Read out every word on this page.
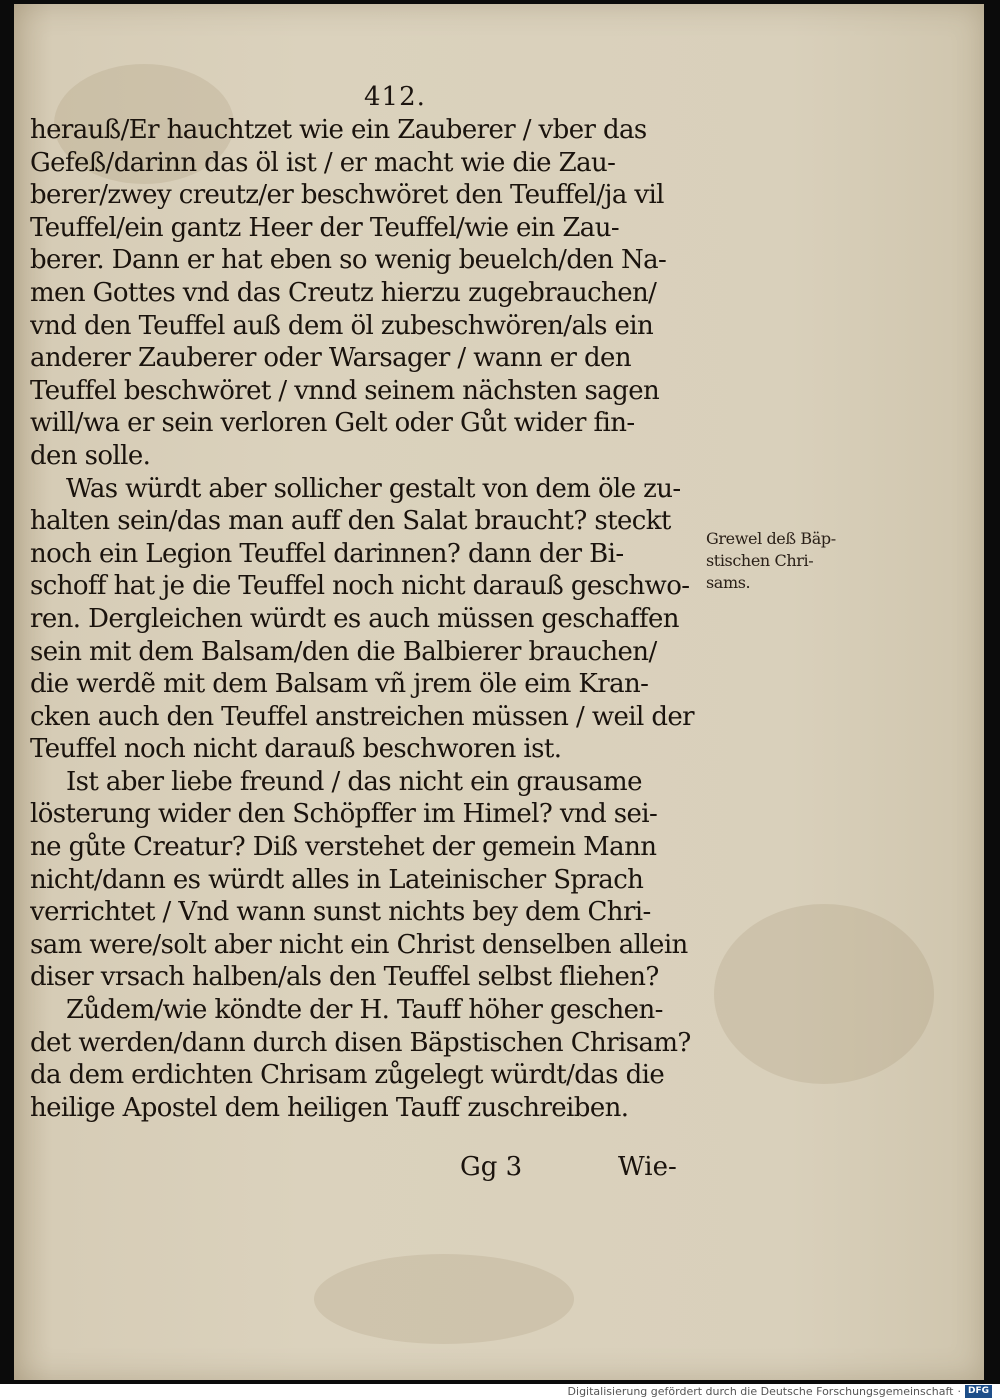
412.
herauß/Er hauchtzet wie ein Zauberer / vber das
Gefeß/darinn das öl ist / er macht wie die Zau-
berer/zwey creutz/er beschwöret den Teuffel/ja vil
Teuffel/ein gantz Heer der Teuffel/wie ein Zau-
berer. Dann er hat eben so wenig beuelch/den Na-
men Gottes vnd das Creutz hierzu zugebrauchen/
vnd den Teuffel auß dem öl zubeschwören/als ein
anderer Zauberer oder Warsager / wann er den
Teuffel beschwöret / vnnd seinem nächsten sagen
will/wa er sein verloren Gelt oder Gůt wider fin-
den solle.
Was würdt aber sollicher gestalt von dem öle zu-
halten sein/das man auff den Salat braucht? steckt
noch ein Legion Teuffel darinnen? dann der Bi-
schoff hat je die Teuffel noch nicht darauß geschwo-
ren. Dergleichen würdt es auch müssen geschaffen
sein mit dem Balsam/den die Balbierer brauchen/
die werdẽ mit dem Balsam vñ jrem öle eim Kran-
cken auch den Teuffel anstreichen müssen / weil der
Teuffel noch nicht darauß beschworen ist.
Ist aber liebe freund / das nicht ein grausame
lösterung wider den Schöpffer im Himel? vnd sei-
ne gůte Creatur? Diß verstehet der gemein Mann
nicht/dann es würdt alles in Lateinischer Sprach
verrichtet / Vnd wann sunst nichts bey dem Chri-
sam were/solt aber nicht ein Christ denselben allein
diser vrsach halben/als den Teuffel selbst fliehen?
Zůdem/wie köndte der H. Tauff höher geschen-
det werden/dann durch disen Bäpstischen Chrisam?
da dem erdichten Chrisam zůgelegt würdt/das die
heilige Apostel dem heiligen Tauff zuschreiben.
Grewel deß Bäp-
stischen Chri-
sams.
Gg 3	Wie-
Digitalisierung gefördert durch die Deutsche Forschungsgemeinschaft · DFG
